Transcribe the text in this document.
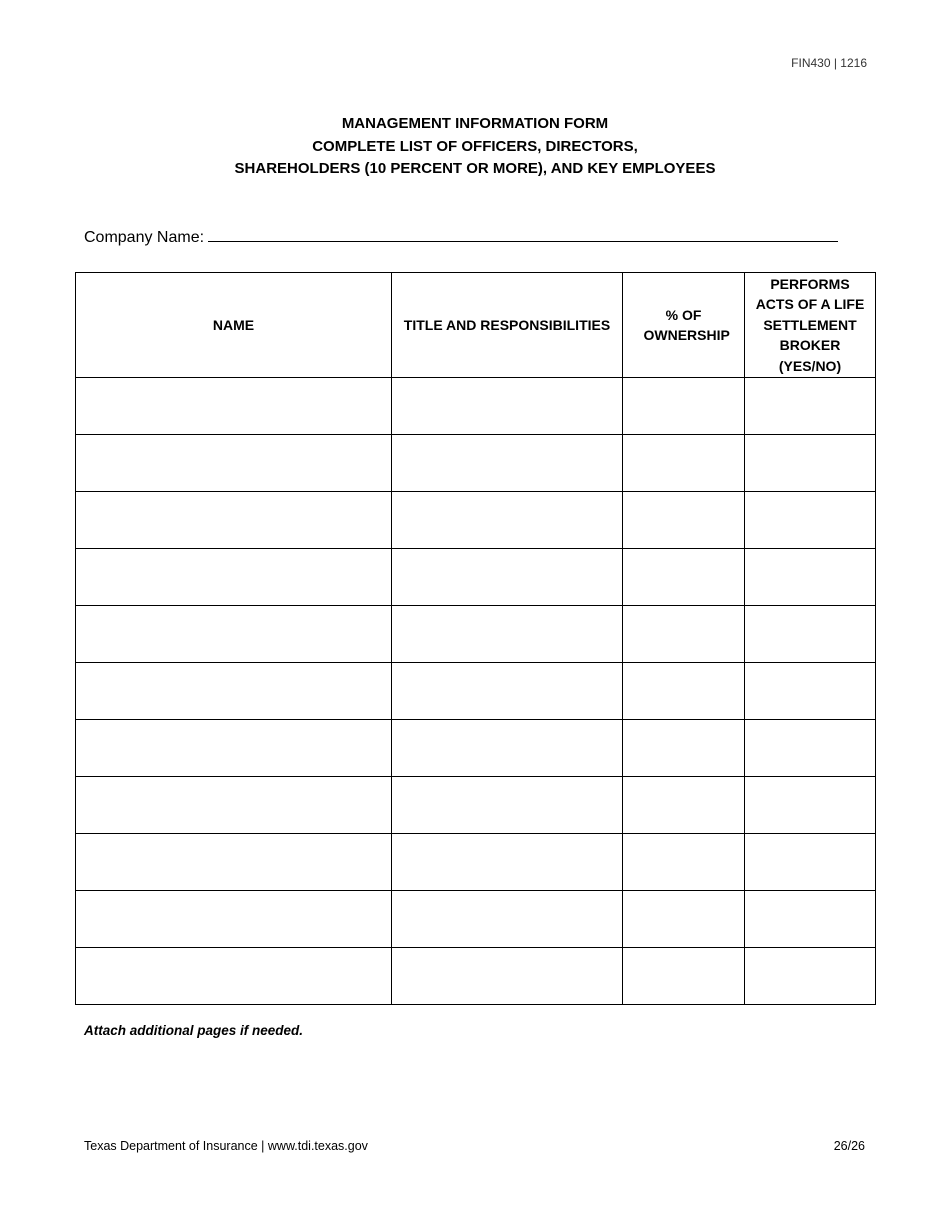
FIN430 | 1216
MANAGEMENT INFORMATION FORM
COMPLETE LIST OF OFFICERS, DIRECTORS,
SHAREHOLDERS (10 PERCENT OR MORE), AND KEY EMPLOYEES
Company Name:
NAME	TITLE AND RESPONSIBILITIES	% OF OWNERSHIP	PERFORMS ACTS OF A LIFE SETTLEMENT BROKER (YES/NO)

Attach additional pages if needed.
Texas Department of Insurance | www.tdi.texas.gov	26/26
